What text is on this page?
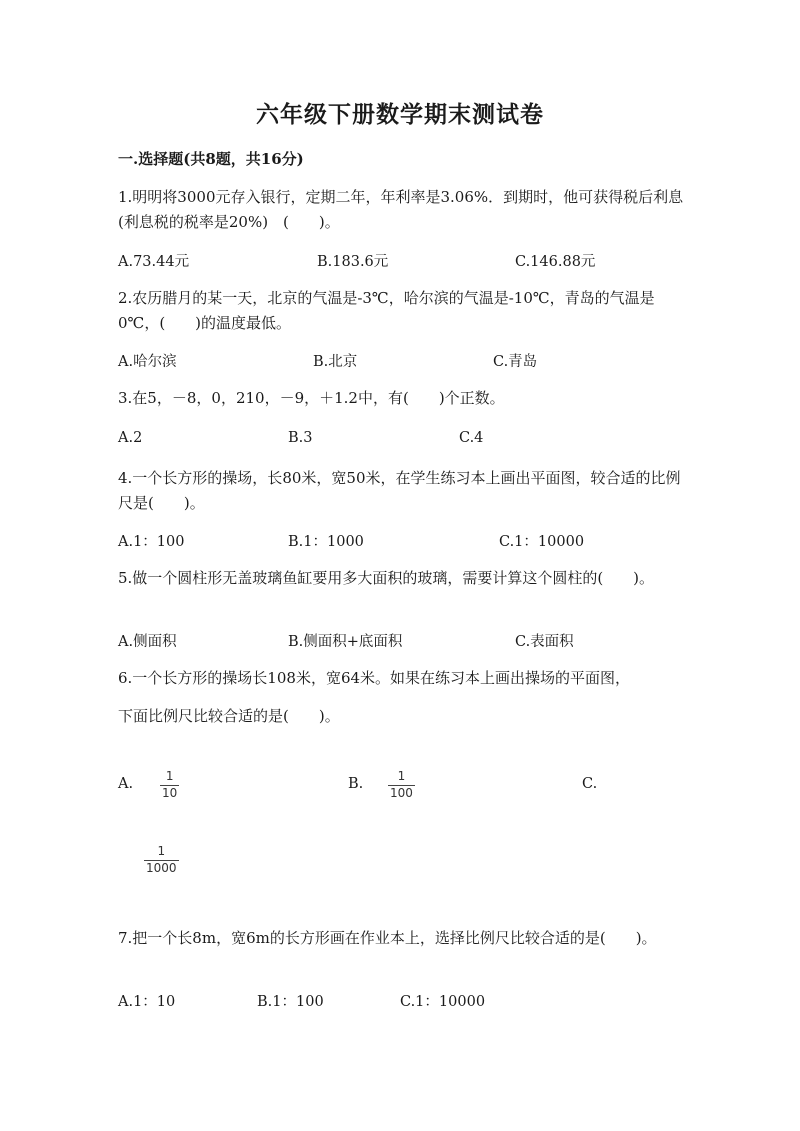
六年级下册数学期末测试卷
一.选择题(共8题，共16分)
1.明明将3000元存入银行，定期二年，年利率是3.06%．到期时，他可获得税后利息(利息税的税率是20%)　(　　)。
A.73.44元	B.183.6元	C.146.88元
2.农历腊月的某一天，北京的气温是-3℃，哈尔滨的气温是-10℃，青岛的气温是0℃，(　　)的温度最低。
A.哈尔滨	B.北京	C.青岛
3.在5，－8，0，210，－9，＋1.2中，有(　　)个正数。
A.2	B.3	C.4
4.一个长方形的操场，长80米，宽50米，在学生练习本上画出平面图，较合适的比例尺是(　　)。
A.1：100	B.1：1000	C.1：10000
5.做一个圆柱形无盖玻璃鱼缸要用多大面积的玻璃，需要计算这个圆柱的(　　)。
A.侧面积	B.侧面积+底面积	C.表面积
6.一个长方形的操场长108米，宽64米。如果在练习本上画出操场的平面图，
下面比例尺比较合适的是(　　)。
A.	1
10
B.	1
100
C.
1
1000
7.把一个长8m，宽6m的长方形画在作业本上，选择比例尺比较合适的是(　　)。
A.1：10	B.1：100	C.1：10000
